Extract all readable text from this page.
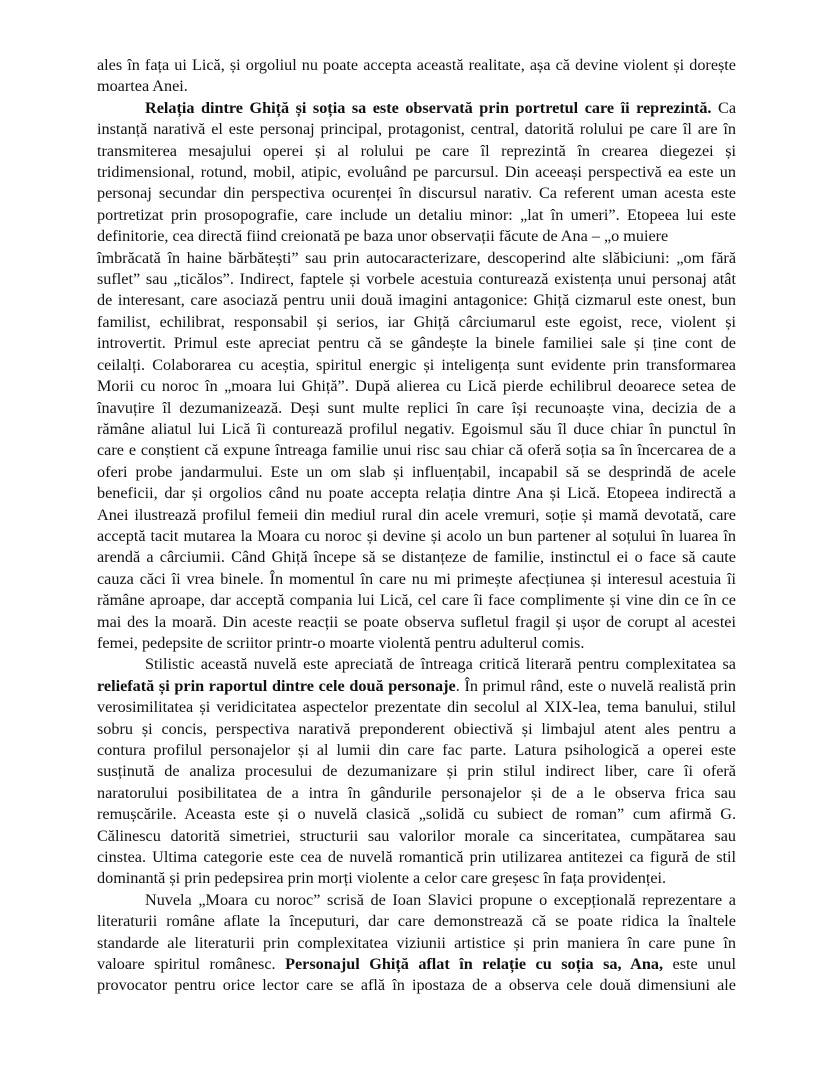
ales în fața ui Lică, și orgoliul nu poate accepta această realitate, așa că devine violent și dorește
moartea Anei.
Relația dintre Ghiță și soția sa este observată prin portretul care îi reprezintă. Ca
instanță narativă el este personaj principal, protagonist, central, datorită rolului pe care îl are în
transmiterea mesajului operei și al rolului pe care îl reprezintă în crearea diegezei și
tridimensional, rotund, mobil, atipic, evoluând pe parcursul. Din aceeași perspectivă ea este un
personaj secundar din perspectiva ocurenței în discursul narativ. Ca referent uman acesta este
portretizat prin prosopografie, care include un detaliu minor: „lat în umeri”. Etopeea lui este
definitorie, cea directă fiind creionată pe baza unor observații făcute de Ana – „o muiere
îmbrăcată în haine bărbătești” sau prin autocaracterizare, descoperind alte slăbiciuni: „om fără
suflet” sau „ticălos”. Indirect, faptele și vorbele acestuia conturează existența unui personaj atât
de interesant, care asociază pentru unii două imagini antagonice: Ghiță cizmarul este onest, bun
familist, echilibrat, responsabil și serios, iar Ghiță cârciumarul este egoist, rece, violent și
introvertit. Primul este apreciat pentru că se gândește la binele familiei sale și ține cont de
ceilalți. Colaborarea cu aceștia, spiritul energic și inteligența sunt evidente prin transformarea
Morii cu noroc în „moara lui Ghiță”. După alierea cu Lică pierde echilibrul deoarece setea de
înavuțire îl dezumanizează. Deși sunt multe replici în care își recunoaște vina, decizia de a
rămâne aliatul lui Lică îi conturează profilul negativ. Egoismul său îl duce chiar în punctul în
care e conștient că expune întreaga familie unui risc sau chiar că oferă soția sa în încercarea de a
oferi probe jandarmului. Este un om slab și influențabil, incapabil să se desprindă de acele
beneficii, dar și orgolios când nu poate accepta relația dintre Ana și Lică. Etopeea indirectă a
Anei ilustrează profilul femeii din mediul rural din acele vremuri, soție și mamă devotată, care
acceptă tacit mutarea la Moara cu noroc și devine și acolo un bun partener al soțului în luarea în
arendă a cârciumii. Când Ghiță începe să se distanțeze de familie, instinctul ei o face să caute
cauza căci îi vrea binele. În momentul în care nu mi primește afecțiunea și interesul acestuia îi
rămâne aproape, dar acceptă compania lui Lică, cel care îi face complimente și vine din ce în ce
mai des la moară. Din aceste reacții se poate observa sufletul fragil și ușor de corupt al acestei
femei, pedepsite de scriitor printr-o moarte violentă pentru adulterul comis.
Stilistic această nuvelă este apreciată de întreaga critică literară pentru complexitatea sa
reliefată și prin raportul dintre cele două personaje. În primul rând, este o nuvelă realistă prin
verosimilitatea și veridicitatea aspectelor prezentate din secolul al XIX-lea, tema banului, stilul
sobru și concis, perspectiva narativă preponderent obiectivă și limbajul atent ales pentru a
contura profilul personajelor și al lumii din care fac parte. Latura psihologică a operei este
susținută de analiza procesului de dezumanizare și prin stilul indirect liber, care îi oferă
naratorului posibilitatea de a intra în gândurile personajelor și de a le observa frica sau
remușcările. Aceasta este și o nuvelă clasică „solidă cu subiect de roman” cum afirmă G.
Călinescu datorită simetriei, structurii sau valorilor morale ca sinceritatea, cumpătarea sau
cinstea. Ultima categorie este cea de nuvelă romantică prin utilizarea antitezei ca figură de stil
dominantă și prin pedepsirea prin morți violente a celor care greșesc în fața providenței.
Nuvela „Moara cu noroc” scrisă de Ioan Slavici propune o excepțională reprezentare a
literaturii române aflate la începuturi, dar care demonstrează că se poate ridica la înaltele
standarde ale literaturii prin complexitatea viziunii artistice și prin maniera în care pune în
valoare spiritul românesc. Personajul Ghiță aflat în relație cu soția sa, Ana, este unul
provocator pentru orice lector care se află în ipostaza de a observa cele două dimensiuni ale
